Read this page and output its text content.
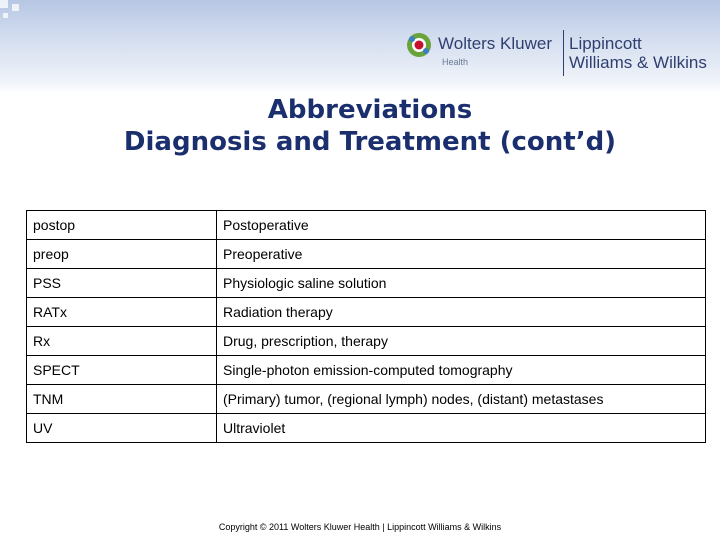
Wolters Kluwer
Health
Lippincott
Williams & Wilkins
Abbreviations
Diagnosis and Treatment (cont’d)
postop	Postoperative
preop	Preoperative
PSS	Physiologic saline solution
RATx	Radiation therapy
Rx	Drug, prescription, therapy
SPECT	Single-photon emission-computed tomography
TNM	(Primary) tumor, (regional lymph) nodes, (distant) metastases
UV	Ultraviolet
Copyright © 2011 Wolters Kluwer Health | Lippincott Williams & Wilkins
